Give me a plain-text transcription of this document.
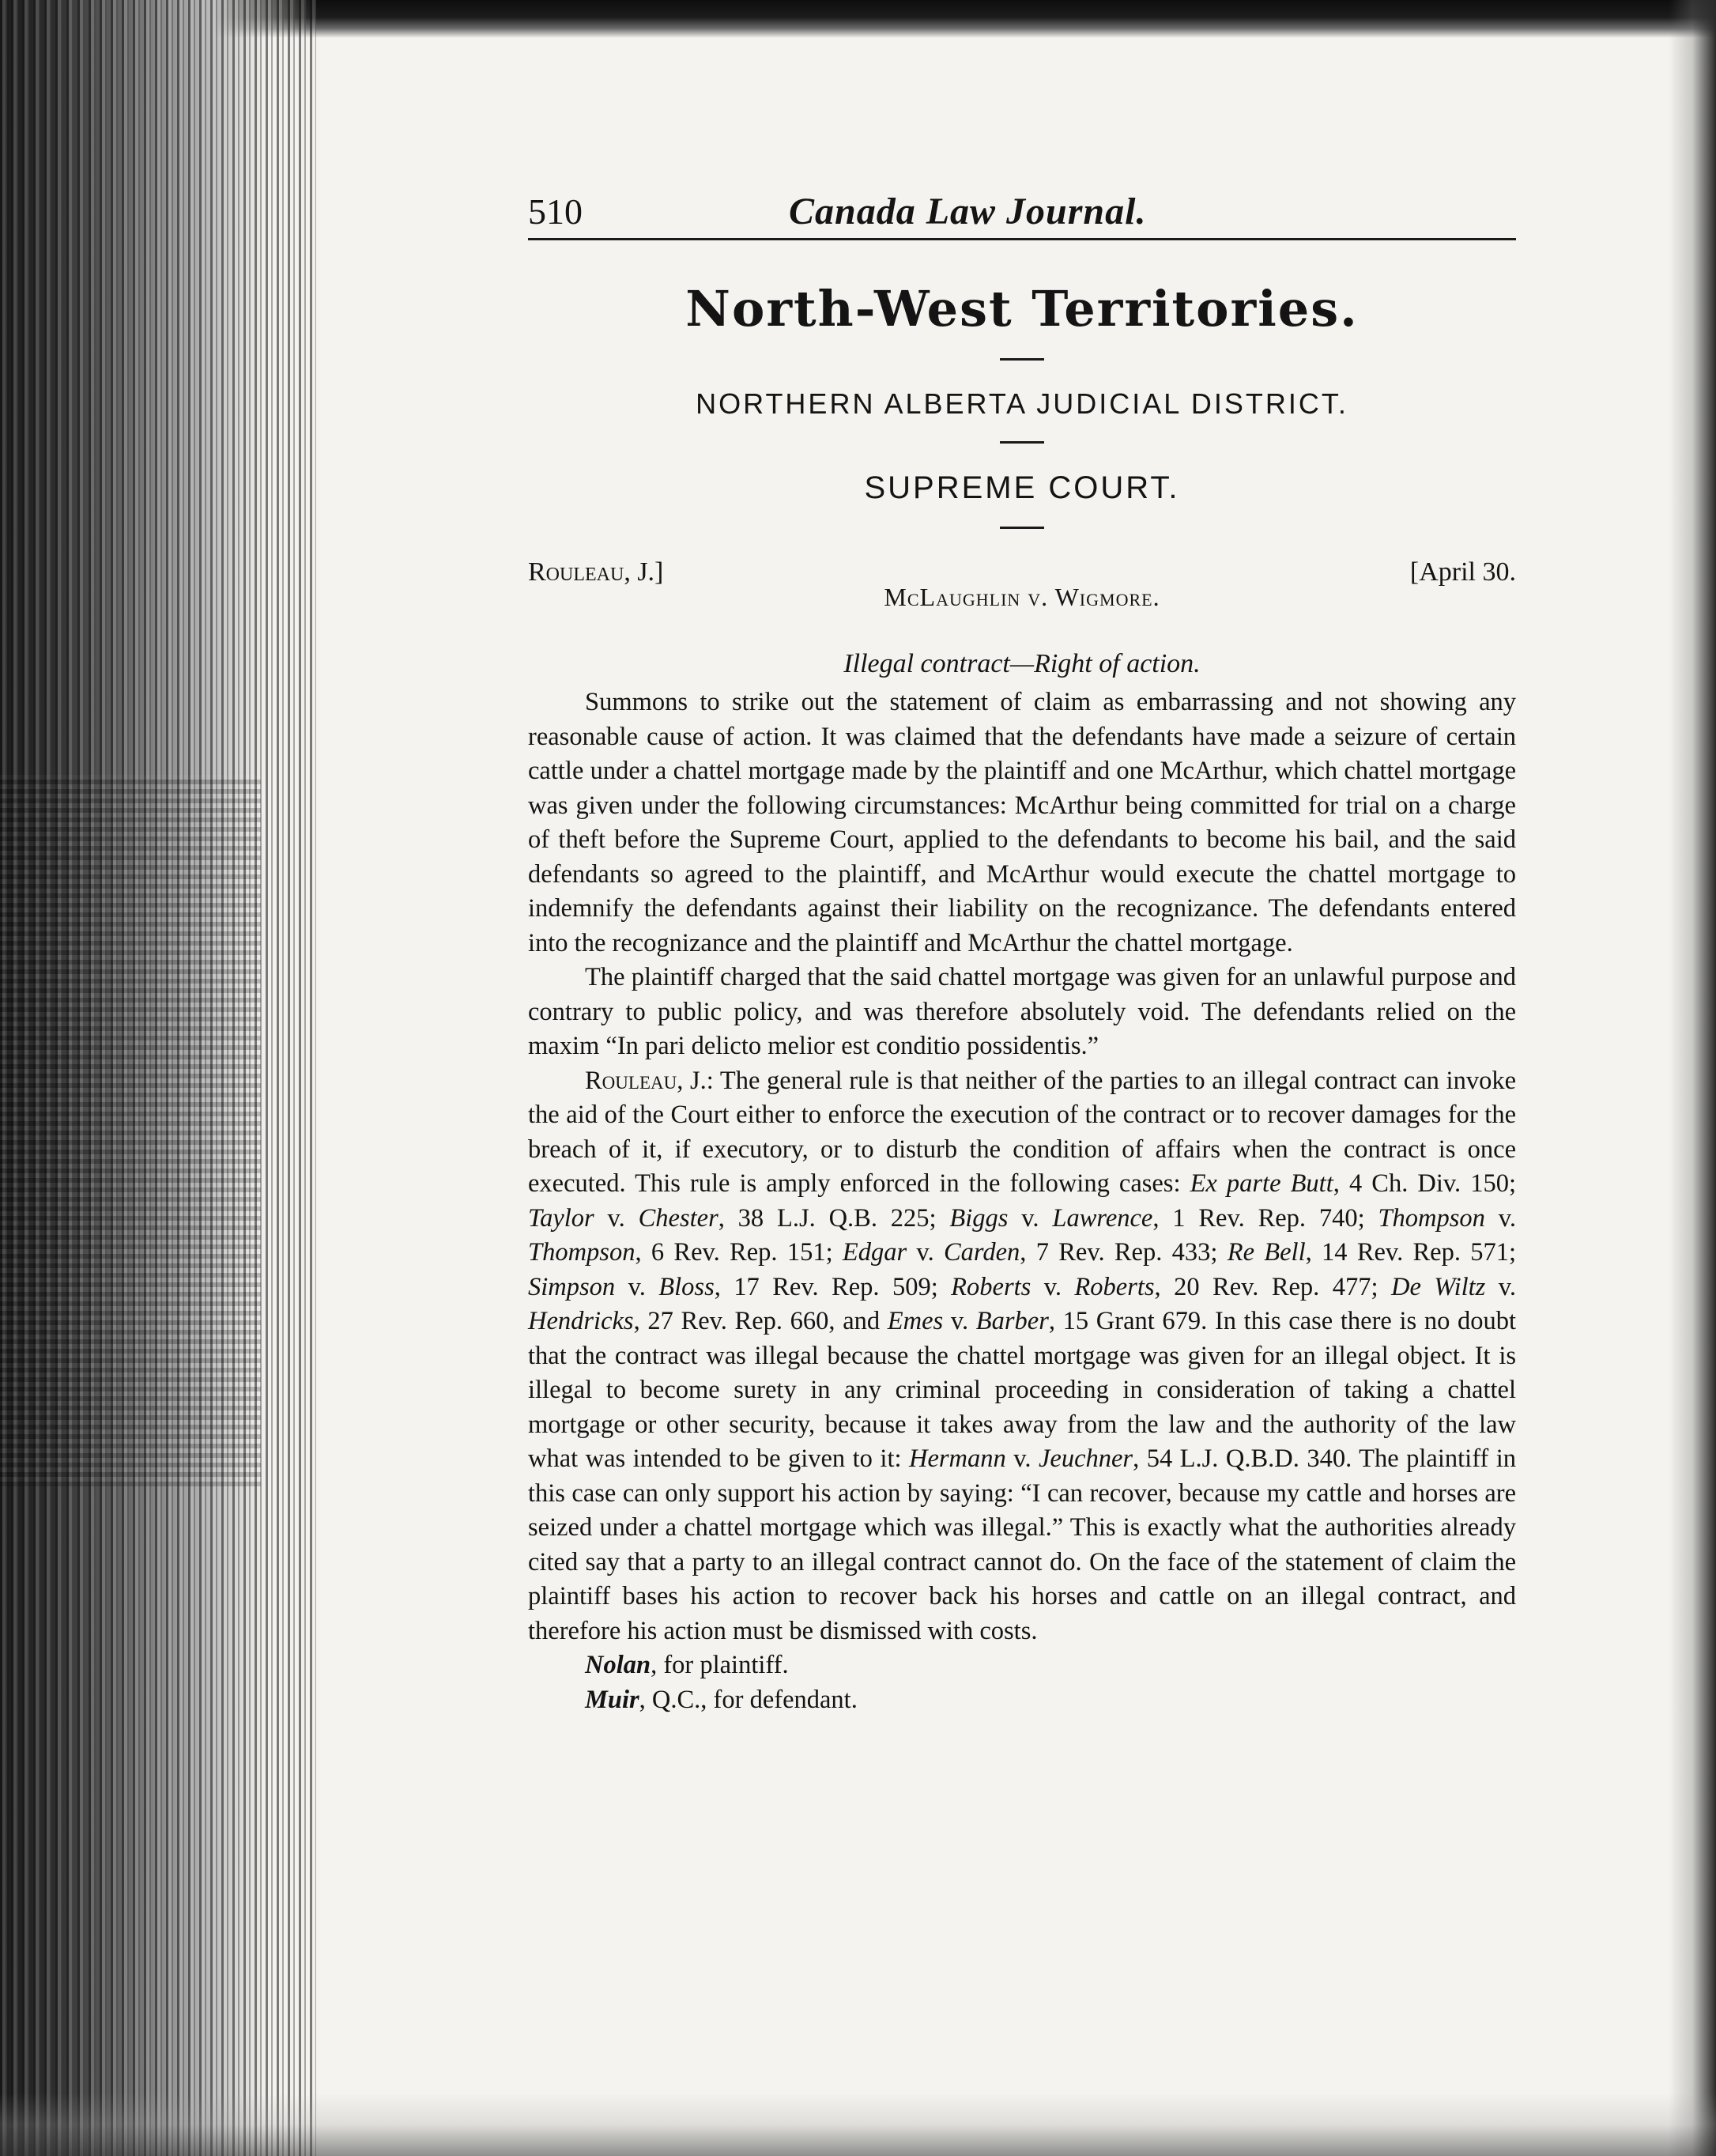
510	Canada Law Journal.
North-West Territories.
NORTHERN ALBERTA JUDICIAL DISTRICT.
SUPREME COURT.
Rouleau, J.]	[April 30.
McLaughlin v. Wigmore.
Illegal contract—Right of action.

Summons to strike out the statement of claim as embarrassing and not showing any reasonable cause of action. It was claimed that the defendants have made a seizure of certain cattle under a chattel mortgage made by the plaintiff and one McArthur, which chattel mortgage was given under the following circumstances: McArthur being committed for trial on a charge of theft before the Supreme Court, applied to the defendants to become his bail, and the said defendants so agreed to the plaintiff, and McArthur would execute the chattel mortgage to indemnify the defendants against their liability on the recognizance. The defendants entered into the recognizance and the plaintiff and McArthur the chattel mortgage.

The plaintiff charged that the said chattel mortgage was given for an unlawful purpose and contrary to public policy, and was therefore absolutely void. The defendants relied on the maxim “In pari delicto melior est conditio possidentis.”

Rouleau, J.: The general rule is that neither of the parties to an illegal contract can invoke the aid of the Court either to enforce the execution of the contract or to recover damages for the breach of it, if executory, or to disturb the condition of affairs when the contract is once executed. This rule is amply enforced in the following cases: Ex parte Butt, 4 Ch. Div. 150; Taylor v. Chester, 38 L.J. Q.B. 225; Biggs v. Lawrence, 1 Rev. Rep. 740; Thompson v. Thompson, 6 Rev. Rep. 151; Edgar v. Carden, 7 Rev. Rep. 433; Re Bell, 14 Rev. Rep. 571; Simpson v. Bloss, 17 Rev. Rep. 509; Roberts v. Roberts, 20 Rev. Rep. 477; De Wiltz v. Hendricks, 27 Rev. Rep. 660, and Emes v. Barber, 15 Grant 679. In this case there is no doubt that the contract was illegal because the chattel mortgage was given for an illegal object. It is illegal to become surety in any criminal proceeding in consideration of taking a chattel mortgage or other security, because it takes away from the law and the authority of the law what was intended to be given to it: Hermann v. Jeuchner, 54 L.J. Q.B.D. 340. The plaintiff in this case can only support his action by saying: “I can recover, because my cattle and horses are seized under a chattel mortgage which was illegal.” This is exactly what the authorities already cited say that a party to an illegal contract cannot do. On the face of the statement of claim the plaintiff bases his action to recover back his horses and cattle on an illegal contract, and therefore his action must be dismissed with costs.

Nolan, for plaintiff.
Muir, Q.C., for defendant.
